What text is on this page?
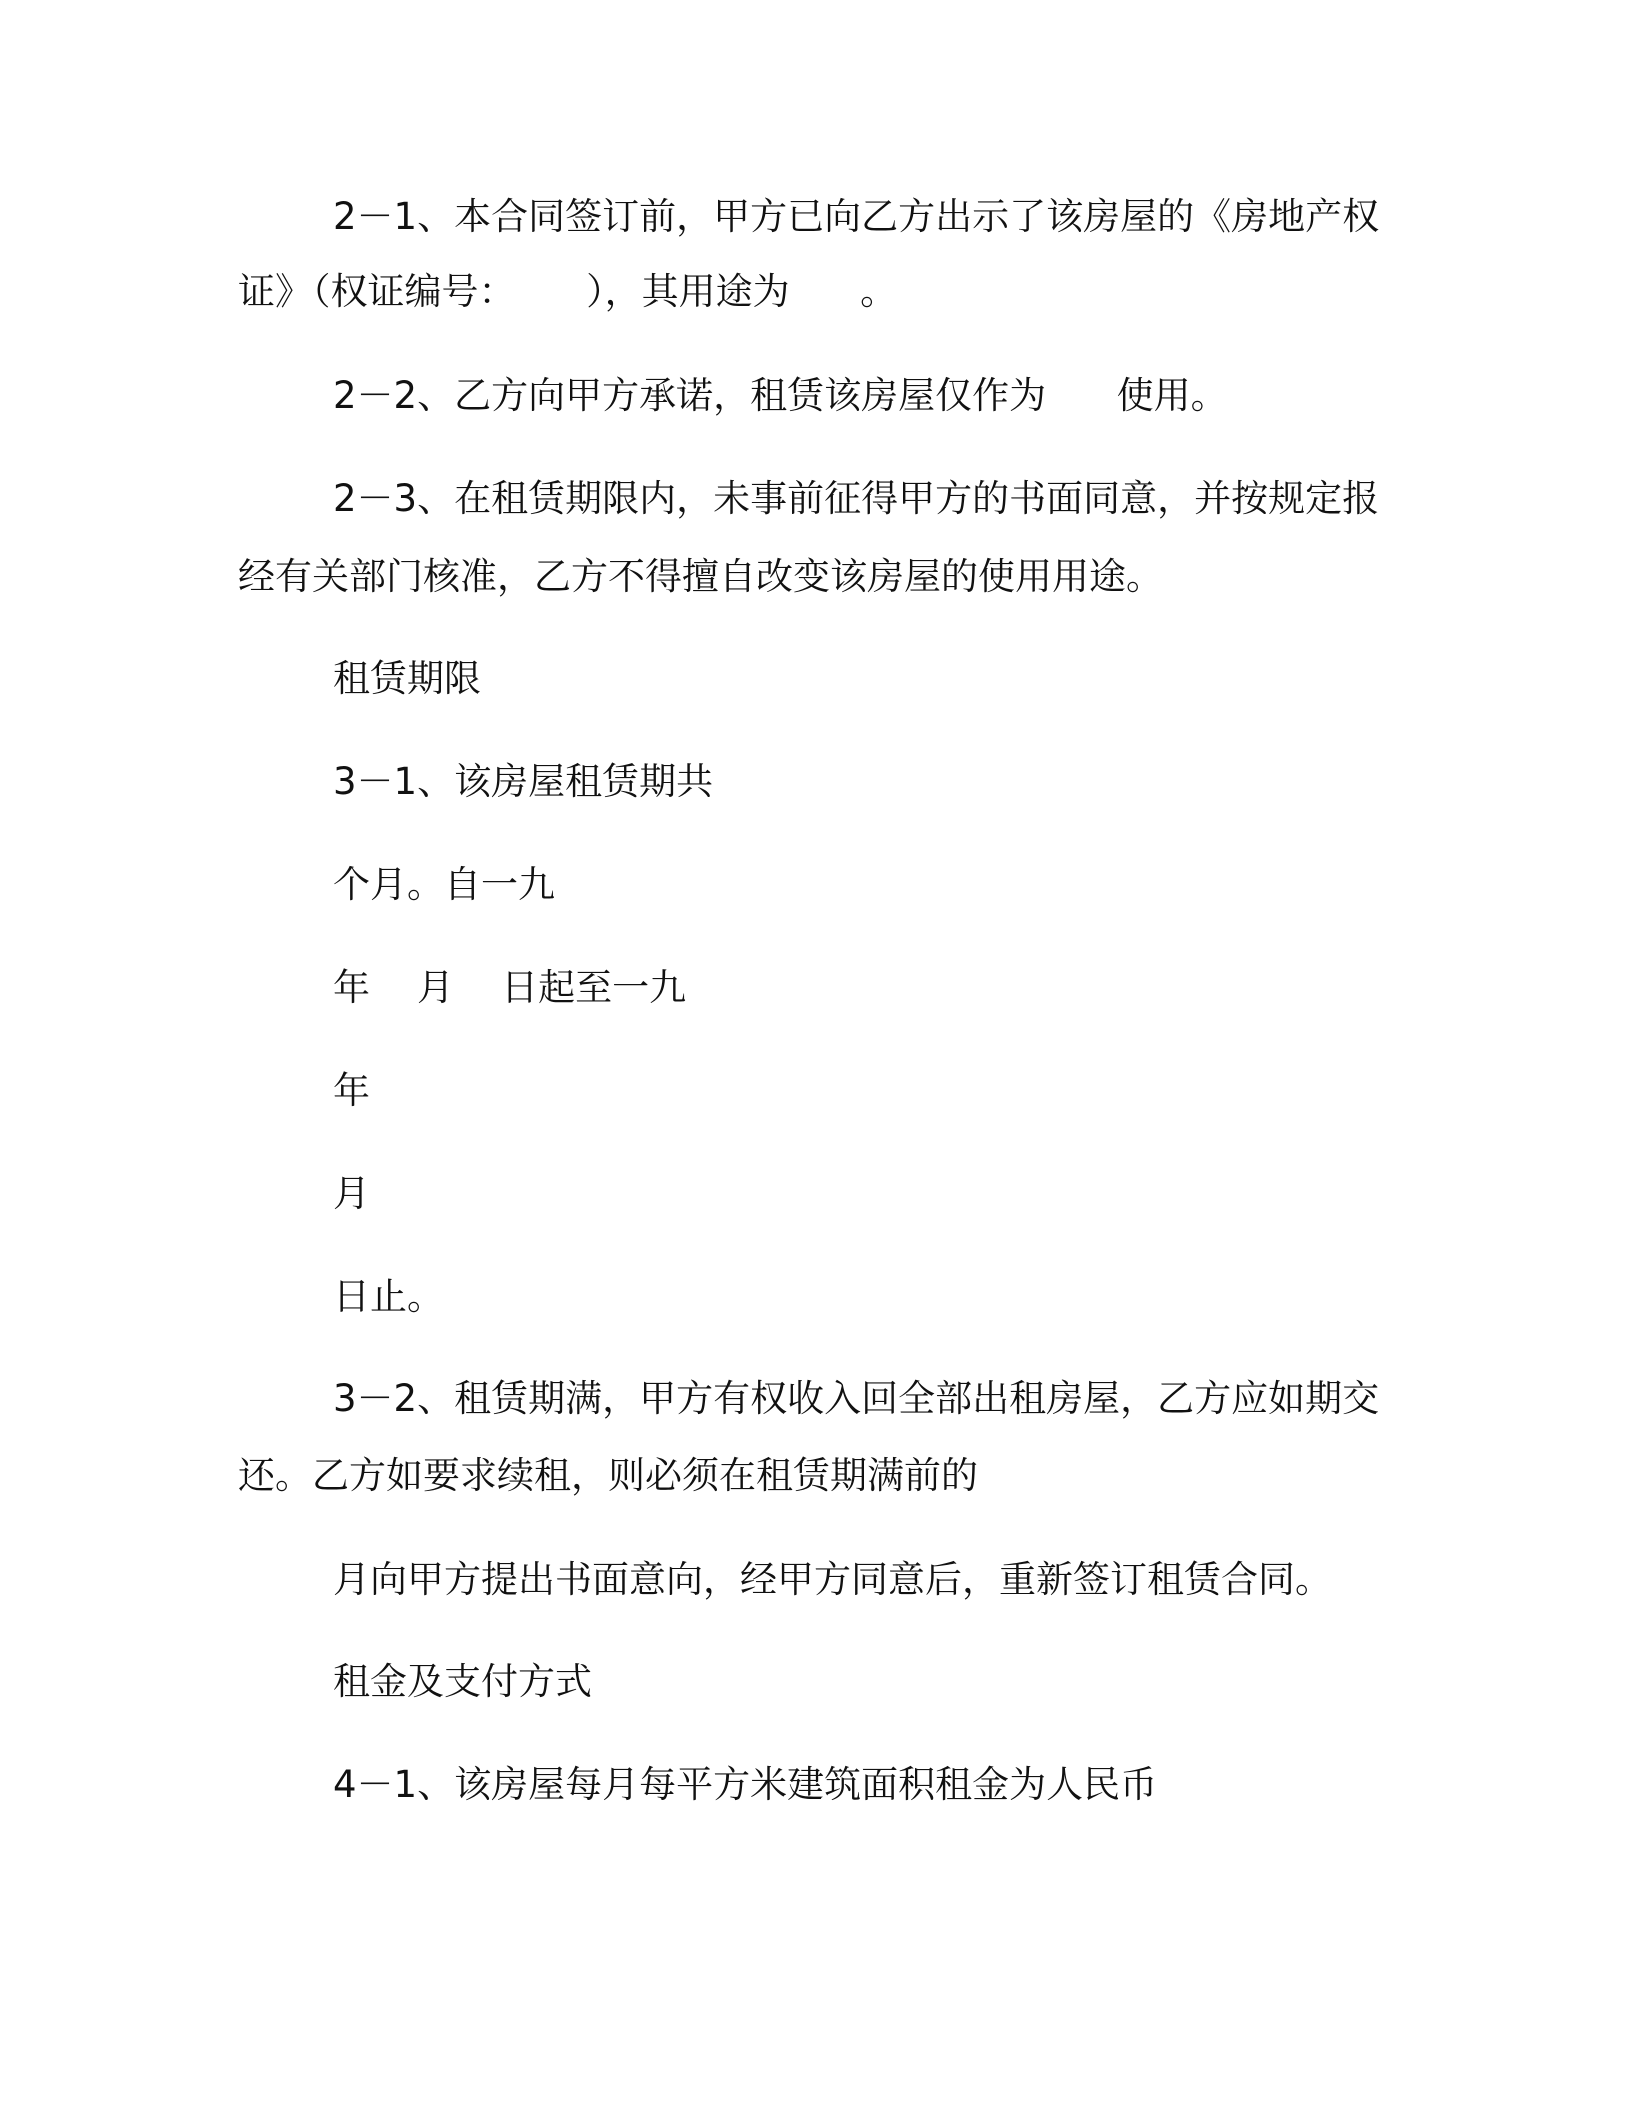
2－1、本合同签订前，甲方已向乙方出示了该房屋的《房地产权
证》（权证编号：      ），其用途为      。
2－2、乙方向甲方承诺，租赁该房屋仅作为      使用。
2－3、在租赁期限内，未事前征得甲方的书面同意，并按规定报
经有关部门核准，乙方不得擅自改变该房屋的使用用途。
租赁期限
3－1、该房屋租赁期共
个月。自一九
年    月    日起至一九
年
月
日止。
3－2、租赁期满，甲方有权收入回全部出租房屋，乙方应如期交
还。乙方如要求续租，则必须在租赁期满前的
月向甲方提出书面意向，经甲方同意后，重新签订租赁合同。
租金及支付方式
4－1、该房屋每月每平方米建筑面积租金为人民币
